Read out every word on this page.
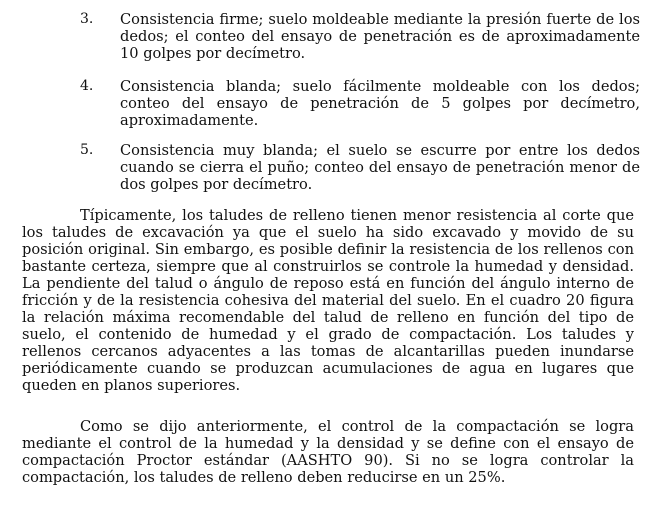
3. Consistencia firme; suelo moldeable mediante la presión fuerte de los dedos; el conteo del ensayo de penetración es de aproximadamente 10 golpes por decímetro.
4. Consistencia blanda; suelo fácilmente moldeable con los dedos; conteo del ensayo de penetración de 5 golpes por decímetro, aproximadamente.
5. Consistencia muy blanda; el suelo se escurre por entre los dedos cuando se cierra el puño; conteo del ensayo de penetración menor de dos golpes por decímetro.

Típicamente, los taludes de relleno tienen menor resistencia al corte que los taludes de excavación ya que el suelo ha sido excavado y movido de su posición original. Sin embargo, es posible definir la resistencia de los rellenos con bastante certeza, siempre que al construirlos se controle la humedad y densidad. La pendiente del talud o ángulo de reposo está en función del ángulo interno de fricción y de la resistencia cohesiva del material del suelo. En el cuadro 20 figura la relación máxima recomendable del talud de relleno en función del tipo de suelo, el contenido de humedad y el grado de compactación. Los taludes y rellenos cercanos adyacentes a las tomas de alcantarillas pueden inundarse periódicamente cuando se produzcan acumulaciones de agua en lugares que queden en planos superiores.

Como se dijo anteriormente, el control de la compactación se logra mediante el control de la humedad y la densidad y se define con el ensayo de compactación Proctor estándar (AASHTO 90). Si no se logra controlar la compactación, los taludes de relleno deben reducirse en un 25%.
